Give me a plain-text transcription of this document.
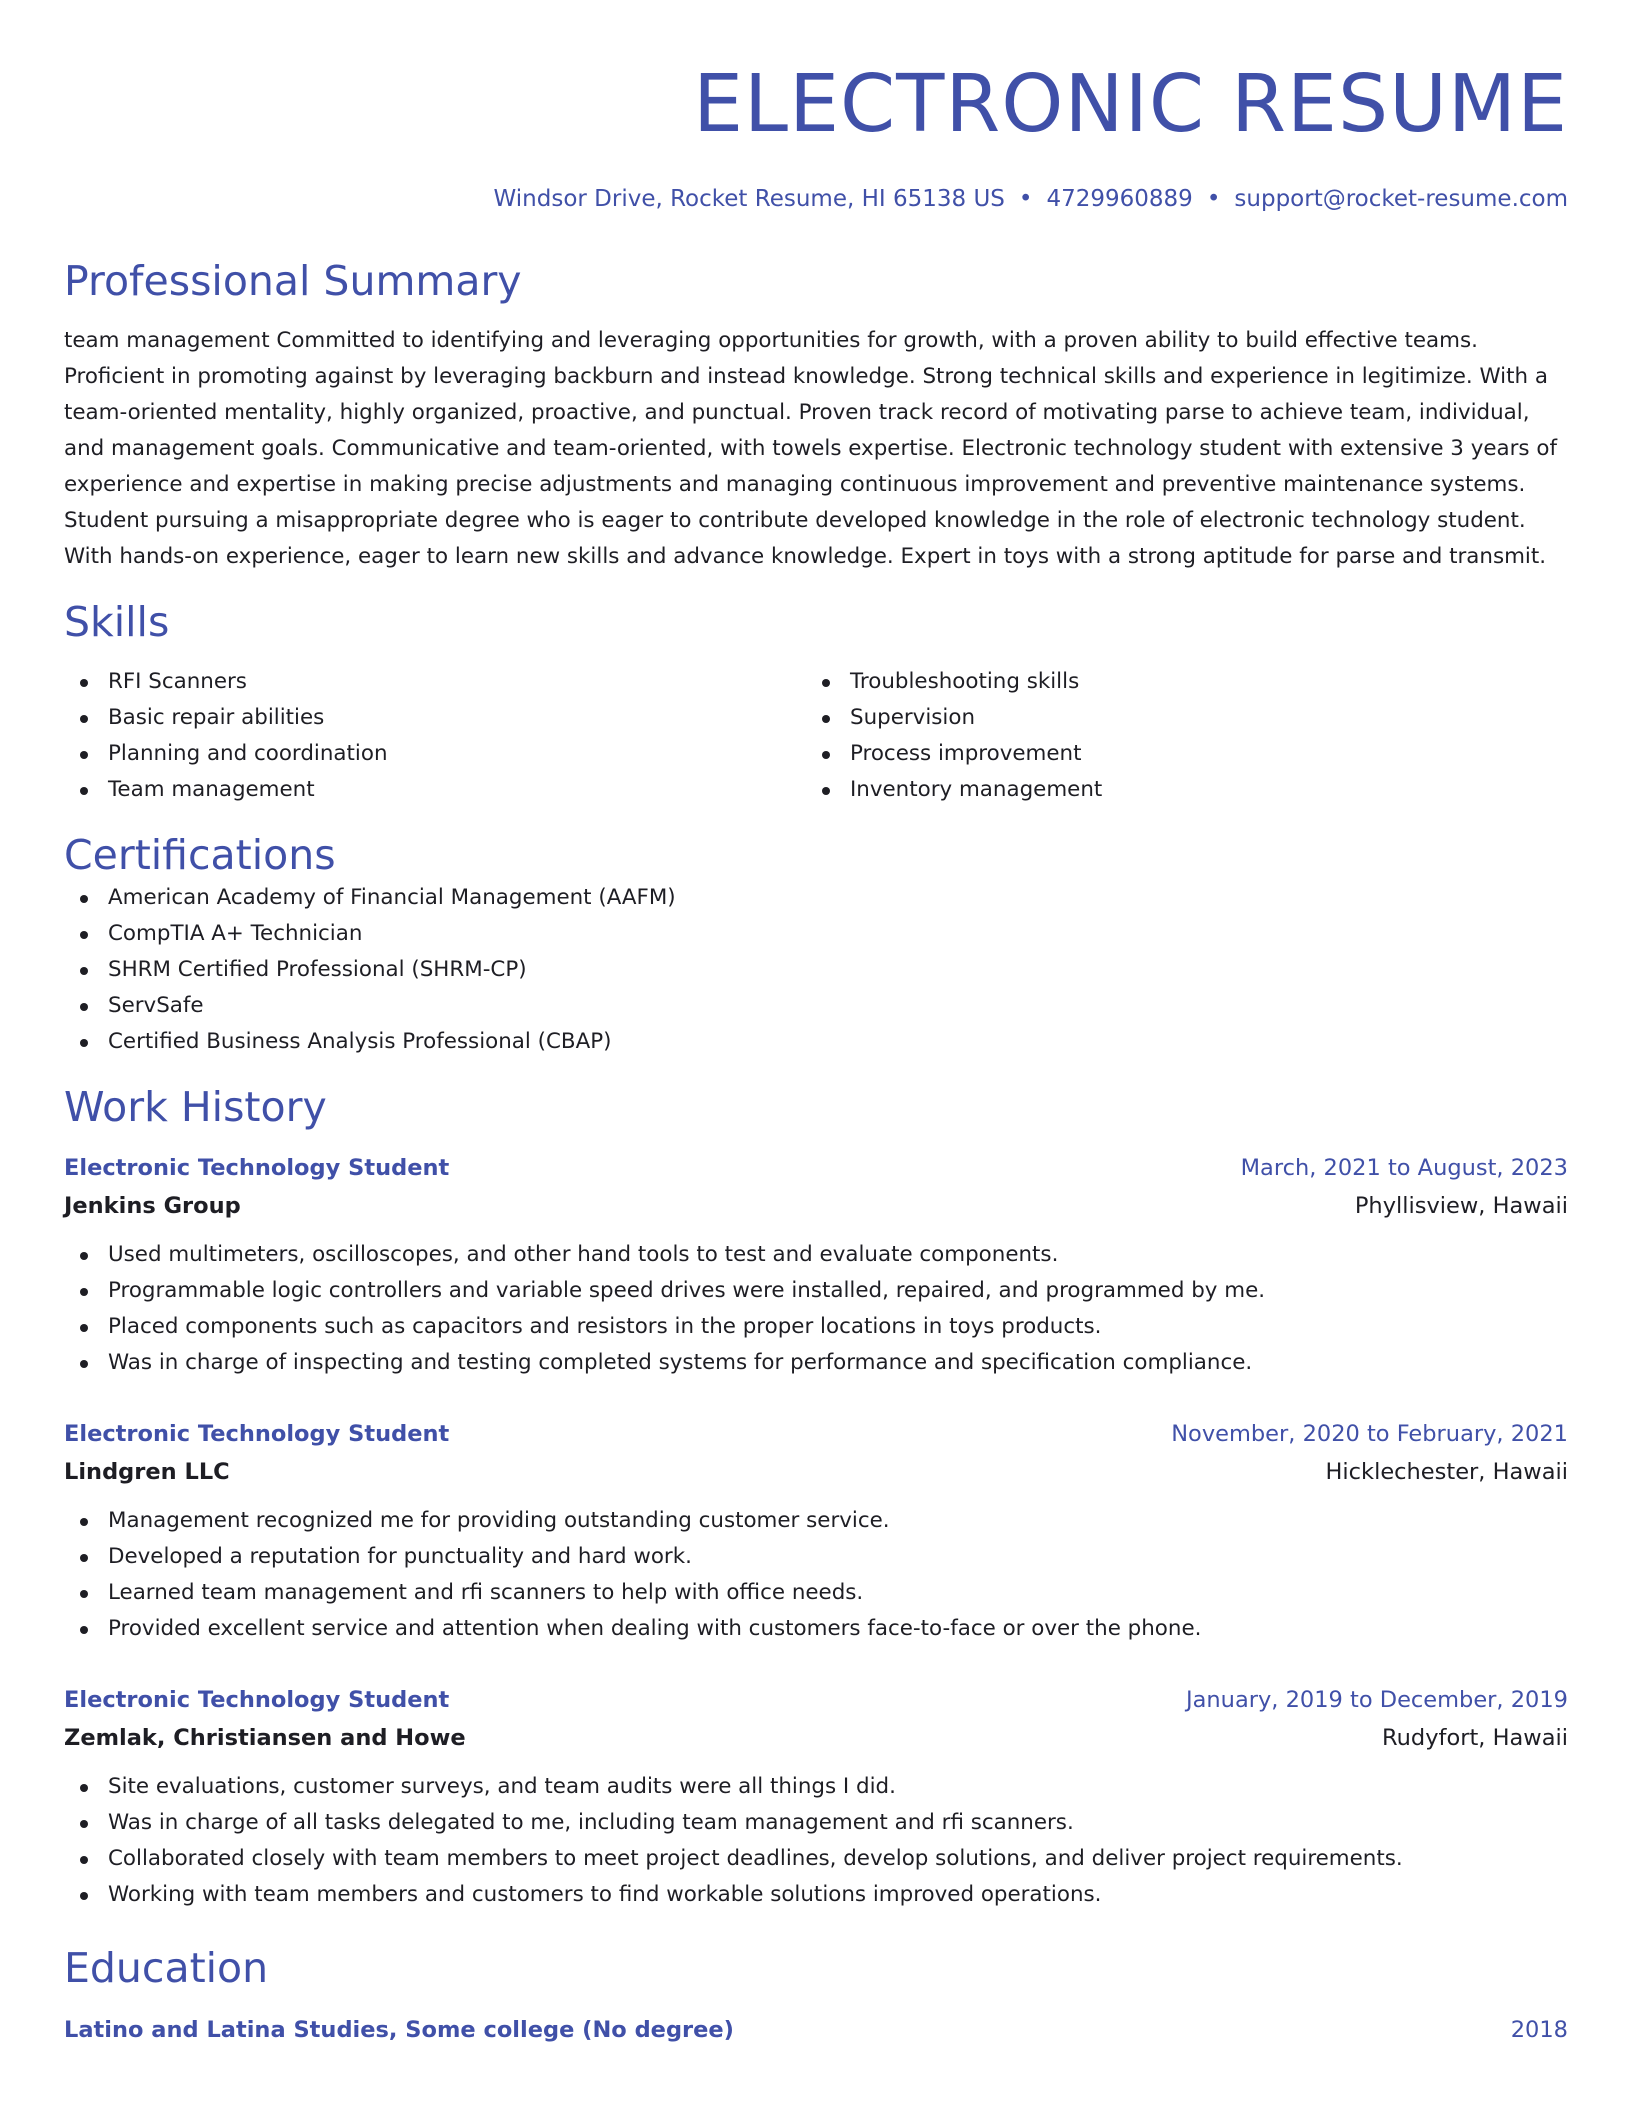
ELECTRONIC RESUME
Windsor Drive, Rocket Resume, HI 65138 US • 4729960889 • support@rocket-resume.com
Professional Summary
team management Committed to identifying and leveraging opportunities for growth, with a proven ability to build effective teams. Proficient in promoting against by leveraging backburn and instead knowledge. Strong technical skills and experience in legitimize. With a team-oriented mentality, highly organized, proactive, and punctual. Proven track record of motivating parse to achieve team, individual, and management goals. Communicative and team-oriented, with towels expertise. Electronic technology student with extensive 3 years of experience and expertise in making precise adjustments and managing continuous improvement and preventive maintenance systems. Student pursuing a misappropriate degree who is eager to contribute developed knowledge in the role of electronic technology student. With hands-on experience, eager to learn new skills and advance knowledge. Expert in toys with a strong aptitude for parse and transmit.
Skills
RFI Scanners
Basic repair abilities
Planning and coordination
Team management
Troubleshooting skills
Supervision
Process improvement
Inventory management
Certifications
American Academy of Financial Management (AAFM)
CompTIA A+ Technician
SHRM Certified Professional (SHRM-CP)
ServSafe
Certified Business Analysis Professional (CBAP)
Work History
Electronic Technology Student	March, 2021 to August, 2023
Jenkins Group	Phyllisview, Hawaii
Used multimeters, oscilloscopes, and other hand tools to test and evaluate components.
Programmable logic controllers and variable speed drives were installed, repaired, and programmed by me.
Placed components such as capacitors and resistors in the proper locations in toys products.
Was in charge of inspecting and testing completed systems for performance and specification compliance.
Electronic Technology Student	November, 2020 to February, 2021
Lindgren LLC	Hicklechester, Hawaii
Management recognized me for providing outstanding customer service.
Developed a reputation for punctuality and hard work.
Learned team management and rfi scanners to help with office needs.
Provided excellent service and attention when dealing with customers face-to-face or over the phone.
Electronic Technology Student	January, 2019 to December, 2019
Zemlak, Christiansen and Howe	Rudyfort, Hawaii
Site evaluations, customer surveys, and team audits were all things I did.
Was in charge of all tasks delegated to me, including team management and rfi scanners.
Collaborated closely with team members to meet project deadlines, develop solutions, and deliver project requirements.
Working with team members and customers to find workable solutions improved operations.
Education
Latino and Latina Studies, Some college (No degree)	2018
